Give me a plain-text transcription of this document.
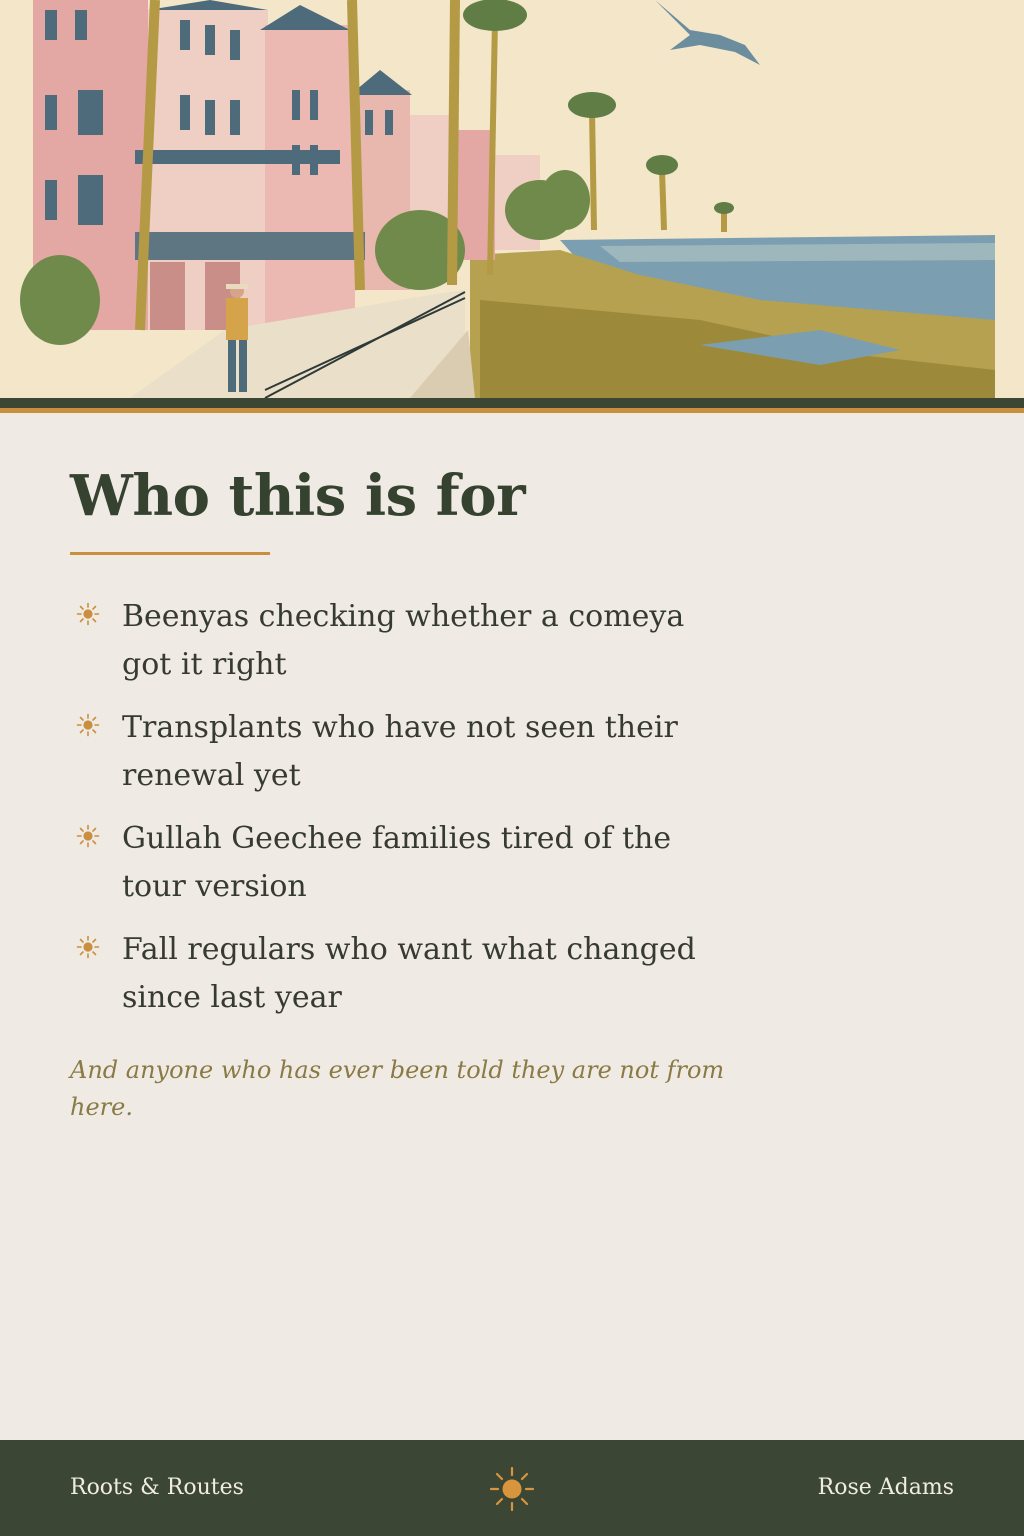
Who this is for
Beenyas checking whether a comeya got it right
Transplants who have not seen their renewal yet
Gullah Geechee families tired of the tour version
Fall regulars who want what changed since last year

And anyone who has ever been told they are not from here.

Roots & Routes	Rose Adams
